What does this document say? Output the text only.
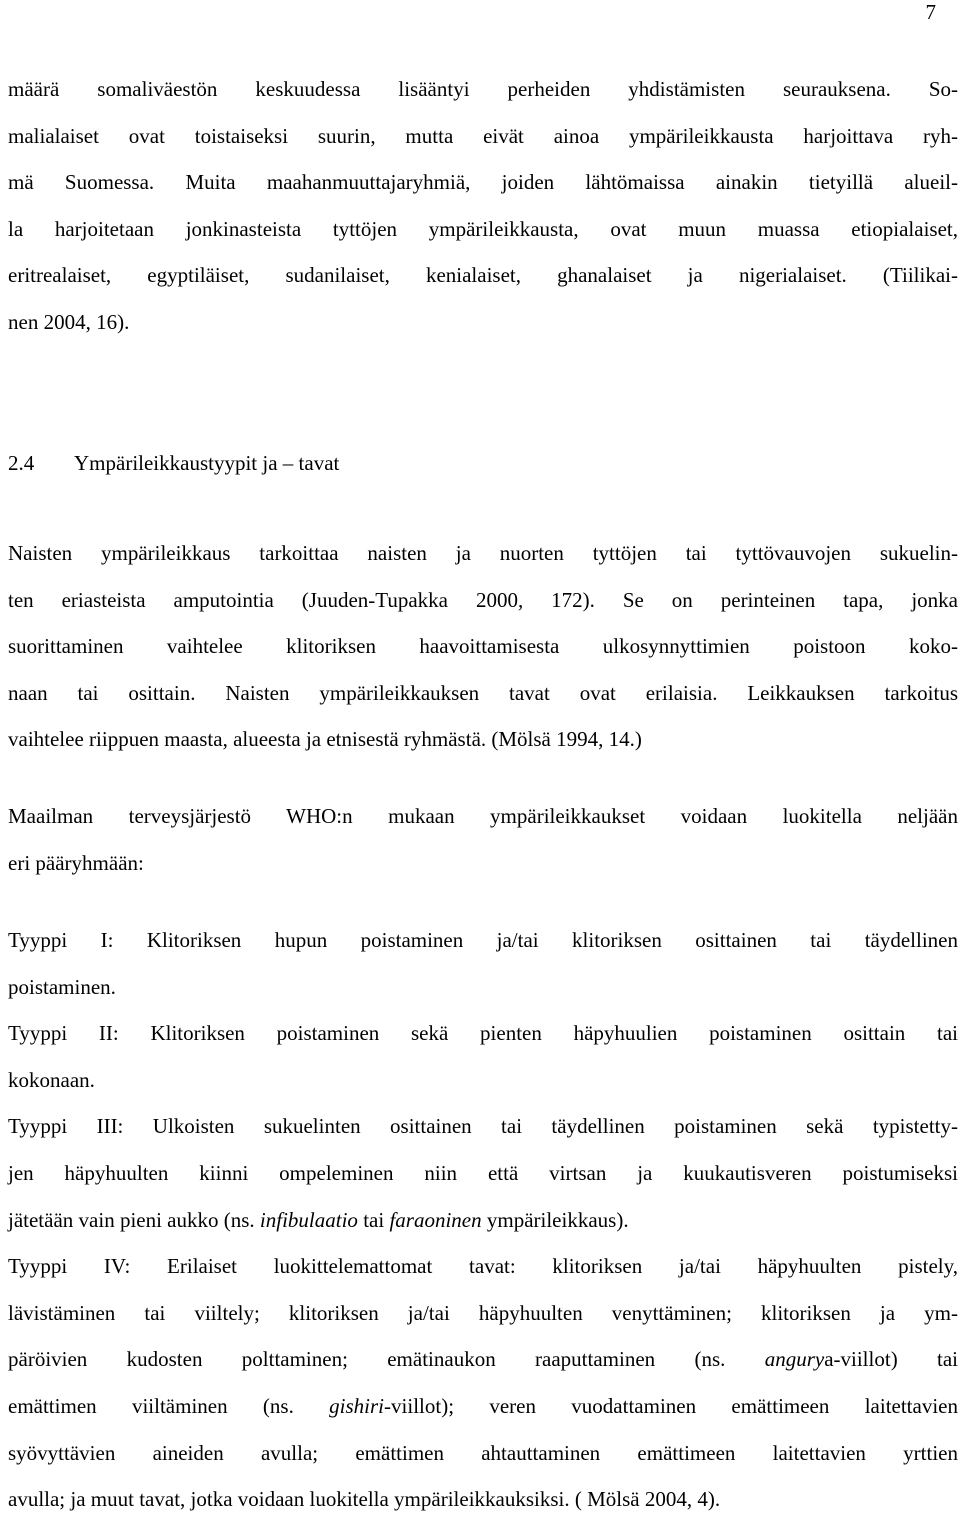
7
määrä somaliväestön keskuudessa lisääntyi perheiden yhdistämisten seurauksena. So-
malialaiset ovat toistaiseksi suurin, mutta eivät ainoa ympärileikkausta harjoittava ryh-
mä Suomessa. Muita maahanmuuttajaryhmiä, joiden lähtömaissa ainakin tietyillä alueil-
la harjoitetaan jonkinasteista tyttöjen ympärileikkausta, ovat muun muassa etiopialaiset,
eritrealaiset, egyptiläiset, sudanilaiset, kenialaiset, ghanalaiset ja nigerialaiset. (Tiilikai-
nen 2004, 16).
2.4 Ympärileikkaustyypit ja – tavat
Naisten ympärileikkaus tarkoittaa naisten ja nuorten tyttöjen tai tyttövauvojen sukuelin-
ten eriasteista amputointia (Juuden-Tupakka 2000, 172). Se on perinteinen tapa, jonka
suorittaminen vaihtelee klitoriksen haavoittamisesta ulkosynnyttimien poistoon koko-
naan tai osittain. Naisten ympärileikkauksen tavat ovat erilaisia. Leikkauksen tarkoitus
vaihtelee riippuen maasta, alueesta ja etnisestä ryhmästä. (Mölsä 1994, 14.)
Maailman terveysjärjestö WHO:n mukaan ympärileikkaukset voidaan luokitella neljään
eri pääryhmään:
Tyyppi I: Klitoriksen hupun poistaminen ja/tai klitoriksen osittainen tai täydellinen
poistaminen.
Tyyppi II: Klitoriksen poistaminen sekä pienten häpyhuulien poistaminen osittain tai
kokonaan.
Tyyppi III: Ulkoisten sukuelinten osittainen tai täydellinen poistaminen sekä typistetty-
jen häpyhuulten kiinni ompeleminen niin että virtsan ja kuukautisveren poistumiseksi
jätetään vain pieni aukko (ns. infibulaatio tai faraoninen ympärileikkaus).
Tyyppi IV: Erilaiset luokittelemattomat tavat: klitoriksen ja/tai häpyhuulten pistely,
lävistäminen tai viiltely; klitoriksen ja/tai häpyhuulten venyttäminen; klitoriksen ja ym-
päröivien kudosten polttaminen; emätinaukon raaputtaminen (ns. angurya-viillot) tai
emättimen viiltäminen (ns. gishiri-viillot); veren vuodattaminen emättimeen laitettavien
syövyttävien aineiden avulla; emättimen ahtauttaminen emättimeen laitettavien yrttien
avulla; ja muut tavat, jotka voidaan luokitella ympärileikkauksiksi. ( Mölsä 2004, 4).
